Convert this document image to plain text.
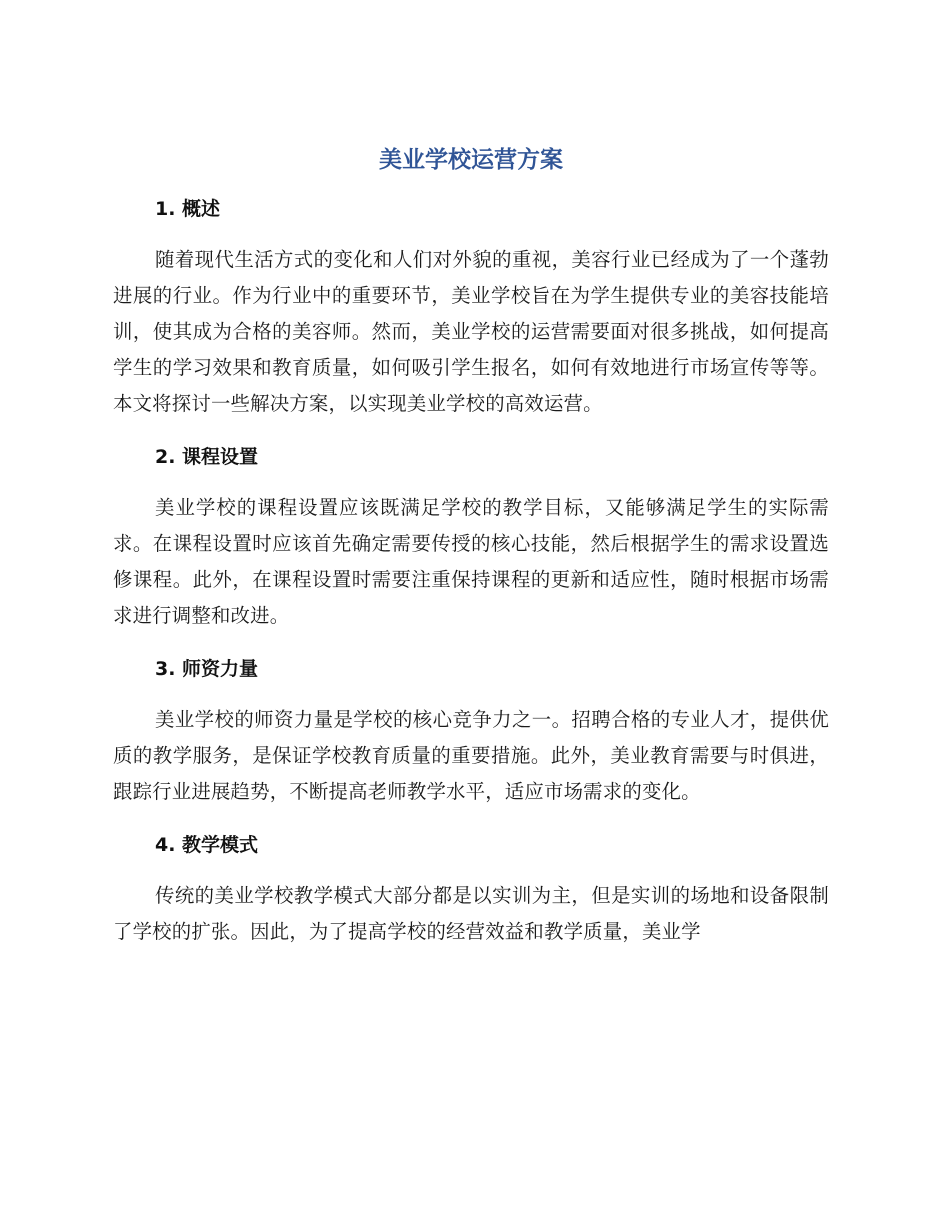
美业学校运营方案
1. 概述

随着现代生活方式的变化和人们对外貌的重视，美容行业已经成为了一个蓬勃进展的行业。作为行业中的重要环节，美业学校旨在为学生提供专业的美容技能培训，使其成为合格的美容师。然而，美业学校的运营需要面对很多挑战，如何提高学生的学习效果和教育质量，如何吸引学生报名，如何有效地进行市场宣传等等。本文将探讨一些解决方案，以实现美业学校的高效运营。

2. 课程设置

美业学校的课程设置应该既满足学校的教学目标，又能够满足学生的实际需求。在课程设置时应该首先确定需要传授的核心技能，然后根据学生的需求设置选修课程。此外，在课程设置时需要注重保持课程的更新和适应性，随时根据市场需求进行调整和改进。

3. 师资力量

美业学校的师资力量是学校的核心竞争力之一。招聘合格的专业人才，提供优质的教学服务，是保证学校教育质量的重要措施。此外，美业教育需要与时俱进，跟踪行业进展趋势，不断提高老师教学水平，适应市场需求的变化。

4. 教学模式

传统的美业学校教学模式大部分都是以实训为主，但是实训的场地和设备限制了学校的扩张。因此，为了提高学校的经营效益和教学质量，美业学
